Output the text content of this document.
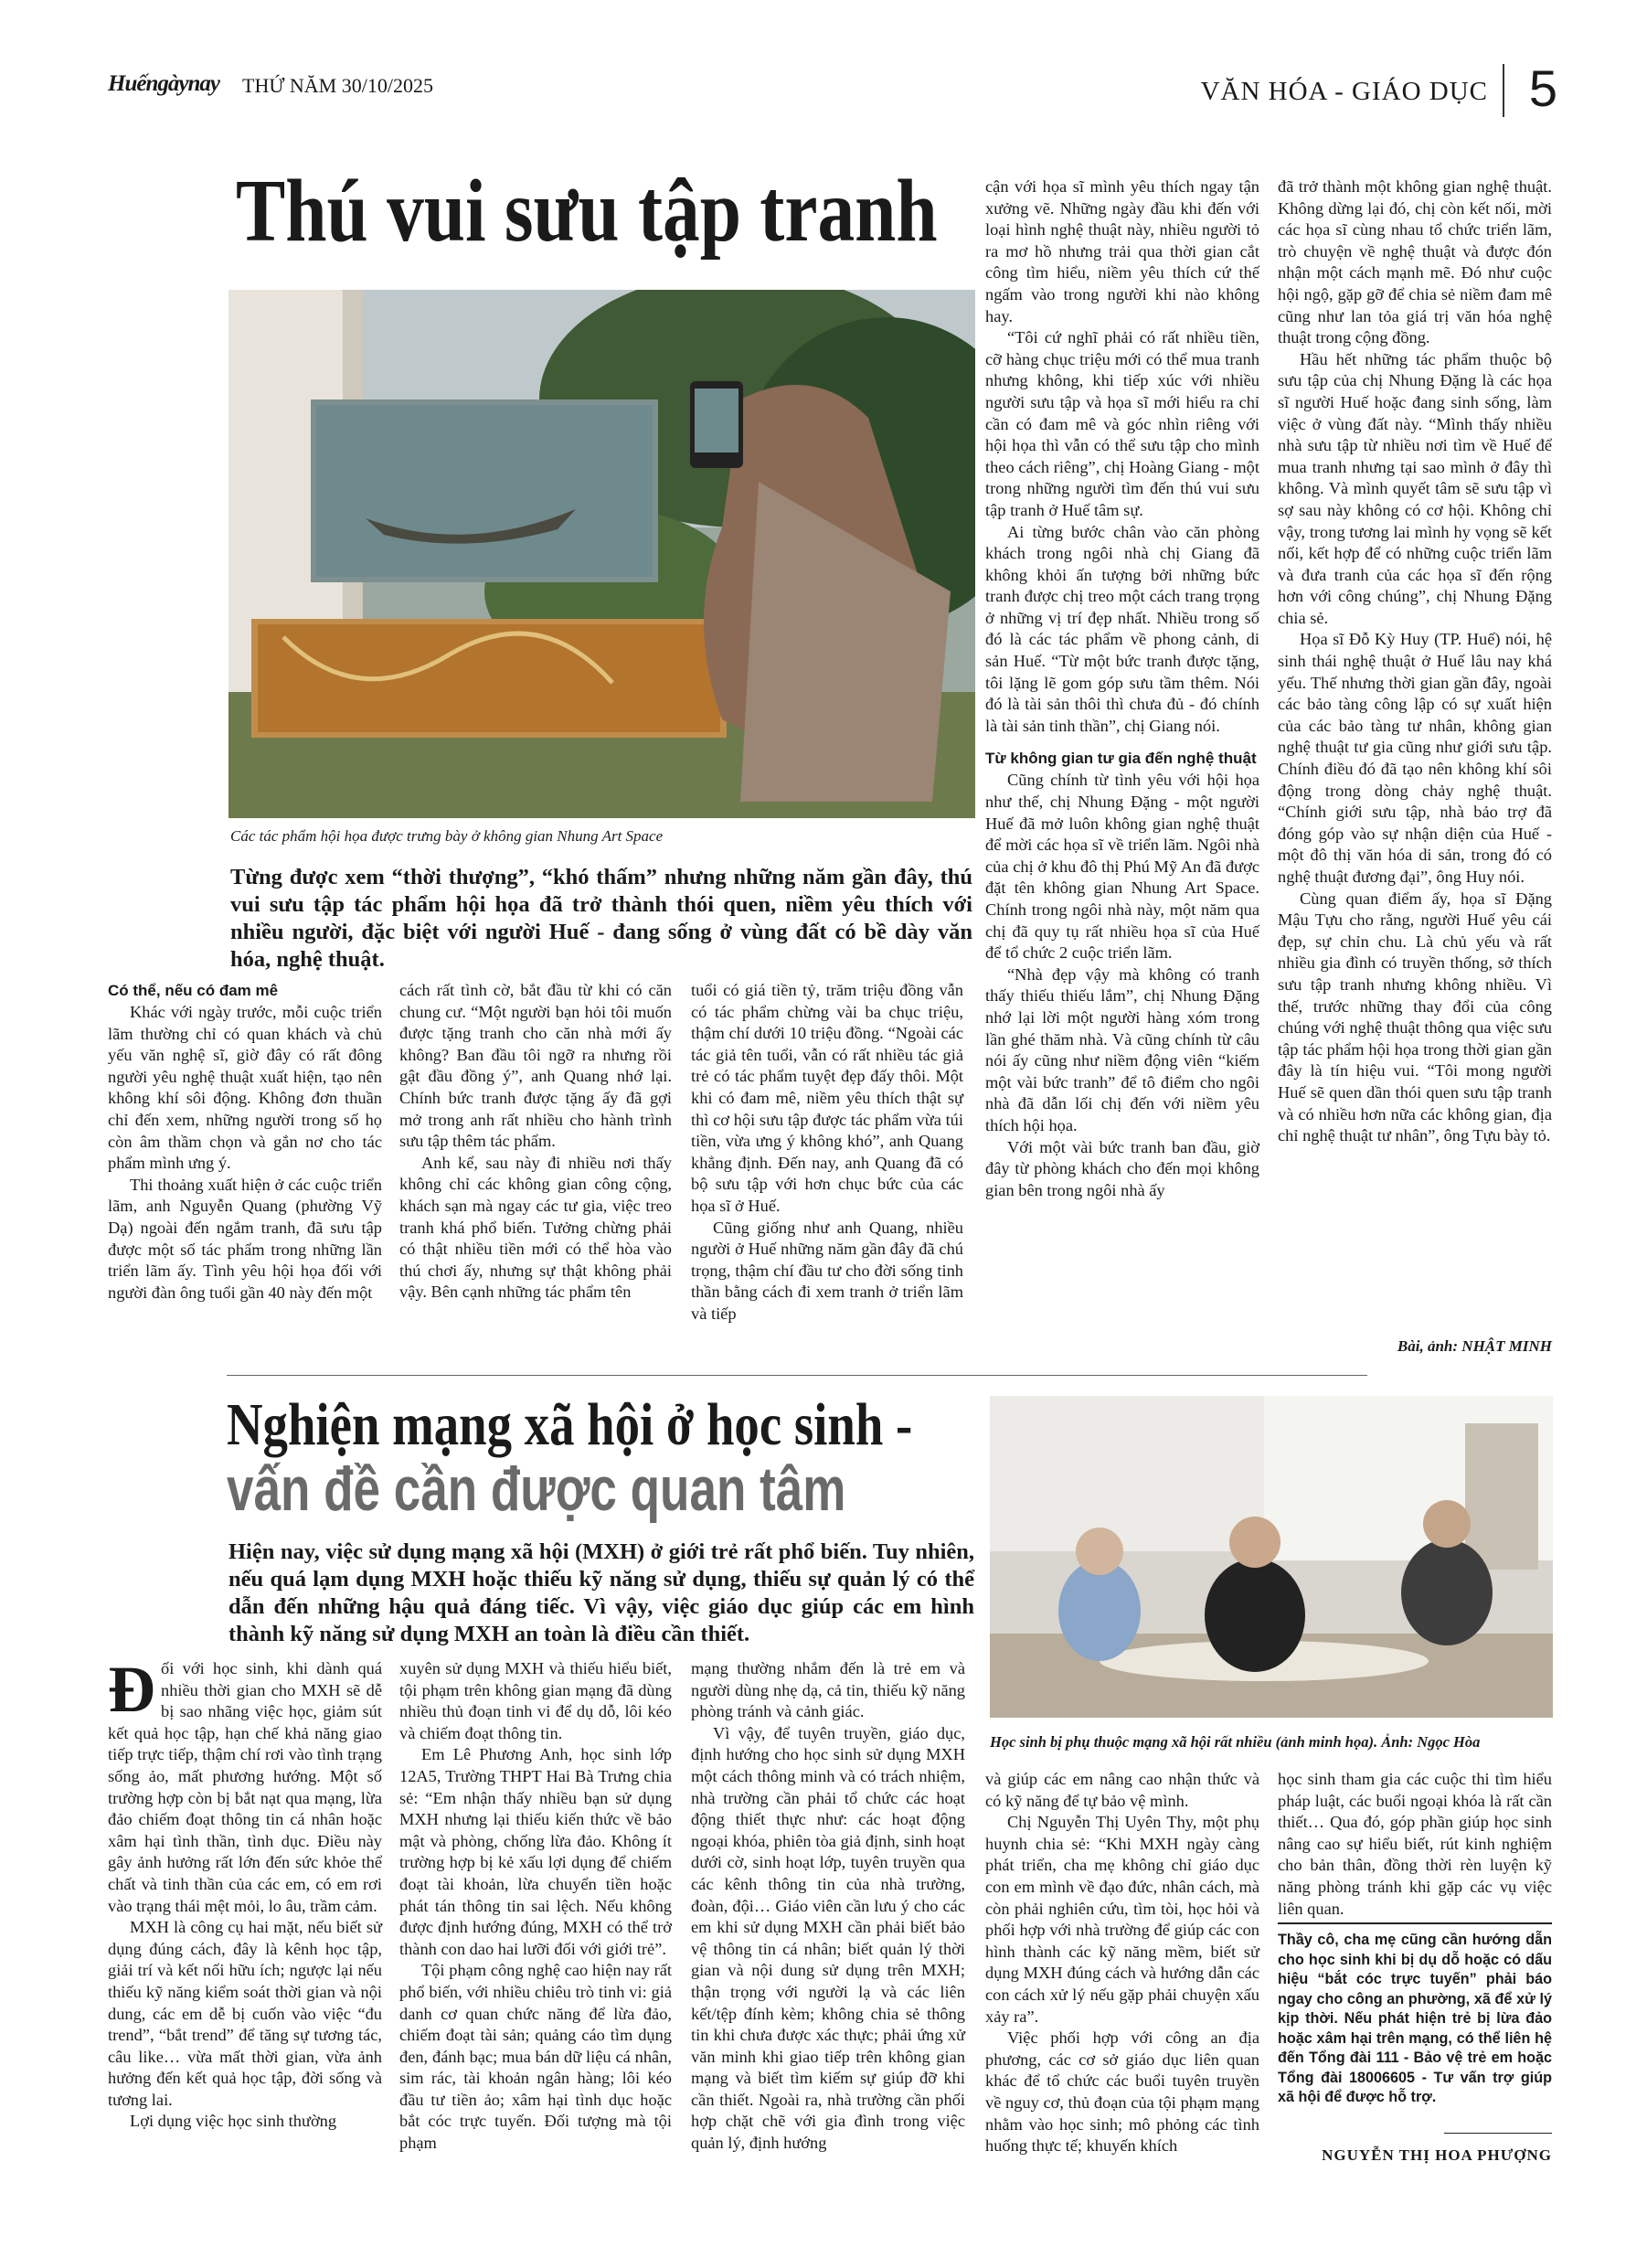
Huếngàynay THỨ NĂM 30/10/2025	VĂN HÓA - GIÁO DỤC 5
Thú vui sưu tập tranh
Các tác phẩm hội họa được trưng bày ở không gian Nhung Art Space
Từng được xem “thời thượng”, “khó thấm” nhưng những năm gần đây, thú vui sưu tập tác phẩm hội họa đã trở thành thói quen, niềm yêu thích với nhiều người, đặc biệt với người Huế - đang sống ở vùng đất có bề dày văn hóa, nghệ thuật.

Có thể, nếu có đam mê

Khác với ngày trước, mỗi cuộc triển lãm thường chỉ có quan khách và chủ yếu văn nghệ sĩ, giờ đây có rất đông người yêu nghệ thuật xuất hiện, tạo nên không khí sôi động. Không đơn thuần chỉ đến xem, những người trong số họ còn âm thầm chọn và gắn nơ cho tác phẩm mình ưng ý.

Thi thoảng xuất hiện ở các cuộc triển lãm, anh Nguyễn Quang (phường Vỹ Dạ) ngoài đến ngắm tranh, đã sưu tập được một số tác phẩm trong những lần triển lãm ấy. Tình yêu hội họa đối với người đàn ông tuổi gần 40 này đến một

cách rất tình cờ, bắt đầu từ khi có căn chung cư. “Một người bạn hỏi tôi muốn được tặng tranh cho căn nhà mới ấy không? Ban đầu tôi ngỡ ra nhưng rồi gật đầu đồng ý”, anh Quang nhớ lại. Chính bức tranh được tặng ấy đã gợi mở trong anh rất nhiều cho hành trình sưu tập thêm tác phẩm.

Anh kể, sau này đi nhiều nơi thấy không chỉ các không gian công cộng, khách sạn mà ngay các tư gia, việc treo tranh khá phổ biến. Tưởng chừng phải có thật nhiều tiền mới có thể hòa vào thú chơi ấy, nhưng sự thật không phải vậy. Bên cạnh những tác phẩm tên

tuổi có giá tiền tỷ, trăm triệu đồng vẫn có tác phẩm chừng vài ba chục triệu, thậm chí dưới 10 triệu đồng. “Ngoài các tác giả tên tuổi, vẫn có rất nhiều tác giả trẻ có tác phẩm tuyệt đẹp đấy thôi. Một khi có đam mê, niềm yêu thích thật sự thì cơ hội sưu tập được tác phẩm vừa túi tiền, vừa ưng ý không khó”, anh Quang khẳng định. Đến nay, anh Quang đã có bộ sưu tập với hơn chục bức của các họa sĩ ở Huế.

Cũng giống như anh Quang, nhiều người ở Huế những năm gần đây đã chú trọng, thậm chí đầu tư cho đời sống tinh thần bằng cách đi xem tranh ở triển lãm và tiếp

cận với họa sĩ mình yêu thích ngay tận xưởng vẽ. Những ngày đầu khi đến với loại hình nghệ thuật này, nhiều người tỏ ra mơ hồ nhưng trải qua thời gian cắt công tìm hiểu, niềm yêu thích cứ thế ngấm vào trong người khi nào không hay.

“Tôi cứ nghĩ phải có rất nhiều tiền, cỡ hàng chục triệu mới có thể mua tranh nhưng không, khi tiếp xúc với nhiều người sưu tập và họa sĩ mới hiểu ra chỉ cần có đam mê và góc nhìn riêng với hội họa thì vẫn có thể sưu tập cho mình theo cách riêng”, chị Hoàng Giang - một trong những người tìm đến thú vui sưu tập tranh ở Huế tâm sự.

Ai từng bước chân vào căn phòng khách trong ngôi nhà chị Giang đã không khỏi ấn tượng bởi những bức tranh được chị treo một cách trang trọng ở những vị trí đẹp nhất. Nhiều trong số đó là các tác phẩm về phong cảnh, di sản Huế. “Từ một bức tranh được tặng, tôi lặng lẽ gom góp sưu tầm thêm. Nói đó là tài sản thôi thì chưa đủ - đó chính là tài sản tinh thần”, chị Giang nói.

Từ không gian tư gia đến nghệ thuật

Cũng chính từ tình yêu với hội họa như thế, chị Nhung Đặng - một người Huế đã mở luôn không gian nghệ thuật để mời các họa sĩ về triển lãm. Ngôi nhà của chị ở khu đô thị Phú Mỹ An đã được đặt tên không gian Nhung Art Space. Chính trong ngôi nhà này, một năm qua chị đã quy tụ rất nhiều họa sĩ của Huế để tổ chức 2 cuộc triển lãm.

“Nhà đẹp vậy mà không có tranh thấy thiếu thiếu lắm”, chị Nhung Đặng nhớ lại lời một người hàng xóm trong lần ghé thăm nhà. Và cũng chính từ câu nói ấy cũng như niềm động viên “kiếm một vài bức tranh” để tô điểm cho ngôi nhà đã dẫn lối chị đến với niềm yêu thích hội họa.

Với một vài bức tranh ban đầu, giờ đây từ phòng khách cho đến mọi không gian bên trong ngôi nhà ấy

đã trở thành một không gian nghệ thuật. Không dừng lại đó, chị còn kết nối, mời các họa sĩ cùng nhau tổ chức triển lãm, trò chuyện về nghệ thuật và được đón nhận một cách mạnh mẽ. Đó như cuộc hội ngộ, gặp gỡ để chia sẻ niềm đam mê cũng như lan tỏa giá trị văn hóa nghệ thuật trong cộng đồng.

Hầu hết những tác phẩm thuộc bộ sưu tập của chị Nhung Đặng là các họa sĩ người Huế hoặc đang sinh sống, làm việc ở vùng đất này. “Mình thấy nhiều nhà sưu tập từ nhiều nơi tìm về Huế để mua tranh nhưng tại sao mình ở đây thì không. Và mình quyết tâm sẽ sưu tập vì sợ sau này không có cơ hội. Không chỉ vậy, trong tương lai mình hy vọng sẽ kết nối, kết hợp để có những cuộc triển lãm và đưa tranh của các họa sĩ đến rộng hơn với công chúng”, chị Nhung Đặng chia sẻ.

Họa sĩ Đỗ Kỳ Huy (TP. Huế) nói, hệ sinh thái nghệ thuật ở Huế lâu nay khá yếu. Thế nhưng thời gian gần đây, ngoài các bảo tàng công lập có sự xuất hiện của các bảo tàng tư nhân, không gian nghệ thuật tư gia cũng như giới sưu tập. Chính điều đó đã tạo nên không khí sôi động trong dòng chảy nghệ thuật. “Chính giới sưu tập, nhà bảo trợ đã đóng góp vào sự nhận diện của Huế - một đô thị văn hóa di sản, trong đó có nghệ thuật đương đại”, ông Huy nói.

Cùng quan điểm ấy, họa sĩ Đặng Mậu Tựu cho rằng, người Huế yêu cái đẹp, sự chỉn chu. Là chủ yếu và rất nhiều gia đình có truyền thống, sở thích sưu tập tranh nhưng không nhiều. Vì thế, trước những thay đổi của công chúng với nghệ thuật thông qua việc sưu tập tác phẩm hội họa trong thời gian gần đây là tín hiệu vui. “Tôi mong người Huế sẽ quen dần thói quen sưu tập tranh và có nhiều hơn nữa các không gian, địa chỉ nghệ thuật tư nhân”, ông Tựu bày tỏ.

Bài, ảnh: NHẬT MINH
Nghiện mạng xã hội ở học sinh -
vấn đề cần được quan tâm
Hiện nay, việc sử dụng mạng xã hội (MXH) ở giới trẻ rất phổ biến. Tuy nhiên, nếu quá lạm dụng MXH hoặc thiếu kỹ năng sử dụng, thiếu sự quản lý có thể dẫn đến những hậu quả đáng tiếc. Vì vậy, việc giáo dục giúp các em hình thành kỹ năng sử dụng MXH an toàn là điều cần thiết.
Học sinh bị phụ thuộc mạng xã hội rất nhiều (ảnh minh họa). Ảnh: Ngọc Hòa

Đối với học sinh, khi dành quá nhiều thời gian cho MXH sẽ dễ bị sao nhãng việc học, giảm sút kết quả học tập, hạn chế khả năng giao tiếp trực tiếp, thậm chí rơi vào tình trạng sống ảo, mất phương hướng. Một số trường hợp còn bị bắt nạt qua mạng, lừa đảo chiếm đoạt thông tin cá nhân hoặc xâm hại tình thần, tình dục. Điều này gây ảnh hưởng rất lớn đến sức khỏe thể chất và tinh thần của các em, có em rơi vào trạng thái mệt mỏi, lo âu, trầm cảm.

MXH là công cụ hai mặt, nếu biết sử dụng đúng cách, đây là kênh học tập, giải trí và kết nối hữu ích; ngược lại nếu thiếu kỹ năng kiểm soát thời gian và nội dung, các em dễ bị cuốn vào việc “đu trend”, “bắt trend” để tăng sự tương tác, câu like… vừa mất thời gian, vừa ảnh hưởng đến kết quả học tập, đời sống và tương lai.

Lợi dụng việc học sinh thường

xuyên sử dụng MXH và thiếu hiểu biết, tội phạm trên không gian mạng đã dùng nhiều thủ đoạn tinh vi để dụ dỗ, lôi kéo và chiếm đoạt thông tin.

Em Lê Phương Anh, học sinh lớp 12A5, Trường THPT Hai Bà Trưng chia sẻ: “Em nhận thấy nhiều bạn sử dụng MXH nhưng lại thiếu kiến thức về bảo mật và phòng, chống lừa đảo. Không ít trường hợp bị kẻ xấu lợi dụng để chiếm đoạt tài khoản, lừa chuyển tiền hoặc phát tán thông tin sai lệch. Nếu không được định hướng đúng, MXH có thể trở thành con dao hai lưỡi đối với giới trẻ”.

Tội phạm công nghệ cao hiện nay rất phổ biến, với nhiều chiêu trò tinh vi: giả danh cơ quan chức năng để lừa đảo, chiếm đoạt tài sản; quảng cáo tìm dụng đen, đánh bạc; mua bán dữ liệu cá nhân, sim rác, tài khoản ngân hàng; lôi kéo đầu tư tiền ảo; xâm hại tình dục hoặc bắt cóc trực tuyến. Đối tượng mà tội phạm

mạng thường nhắm đến là trẻ em và người dùng nhẹ dạ, cả tin, thiếu kỹ năng phòng tránh và cảnh giác.

Vì vậy, để tuyên truyền, giáo dục, định hướng cho học sinh sử dụng MXH một cách thông minh và có trách nhiệm, nhà trường cần phải tổ chức các hoạt động thiết thực như: các hoạt động ngoại khóa, phiên tòa giả định, sinh hoạt dưới cờ, sinh hoạt lớp, tuyên truyền qua các kênh thông tin của nhà trường, đoàn, đội… Giáo viên cần lưu ý cho các em khi sử dụng MXH cần phải biết bảo vệ thông tin cá nhân; biết quản lý thời gian và nội dung sử dụng trên MXH; thận trọng với người lạ và các liên kết/tệp đính kèm; không chia sẻ thông tin khi chưa được xác thực; phải ứng xử văn minh khi giao tiếp trên không gian mạng và biết tìm kiếm sự giúp đỡ khi cần thiết. Ngoài ra, nhà trường cần phối hợp chặt chẽ với gia đình trong việc quản lý, định hướng

và giúp các em nâng cao nhận thức và có kỹ năng để tự bảo vệ mình.

Chị Nguyễn Thị Uyên Thy, một phụ huynh chia sẻ: “Khi MXH ngày càng phát triển, cha mẹ không chỉ giáo dục con em mình về đạo đức, nhân cách, mà còn phải nghiên cứu, tìm tòi, học hỏi và phối hợp với nhà trường để giúp các con hình thành các kỹ năng mềm, biết sử dụng MXH đúng cách và hướng dẫn các con cách xử lý nếu gặp phải chuyện xấu xảy ra”.

Việc phối hợp với công an địa phương, các cơ sở giáo dục liên quan khác để tổ chức các buổi tuyên truyền về nguy cơ, thủ đoạn của tội phạm mạng nhằm vào học sinh; mô phỏng các tình huống thực tế; khuyến khích

học sinh tham gia các cuộc thi tìm hiểu pháp luật, các buổi ngoại khóa là rất cần thiết… Qua đó, góp phần giúp học sinh nâng cao sự hiểu biết, rút kinh nghiệm cho bản thân, đồng thời rèn luyện kỹ năng phòng tránh khi gặp các vụ việc liên quan.

Thầy cô, cha mẹ cũng cần hướng dẫn cho học sinh khi bị dụ dỗ hoặc có dấu hiệu “bắt cóc trực tuyến” phải báo ngay cho công an phường, xã để xử lý kịp thời. Nếu phát hiện trẻ bị lừa đảo hoặc xâm hại trên mạng, có thể liên hệ đến Tổng đài 111 - Bảo vệ trẻ em hoặc Tổng đài 18006605 - Tư vấn trợ giúp xã hội để được hỗ trợ.
NGUYỄN THỊ HOA PHƯỢNG
